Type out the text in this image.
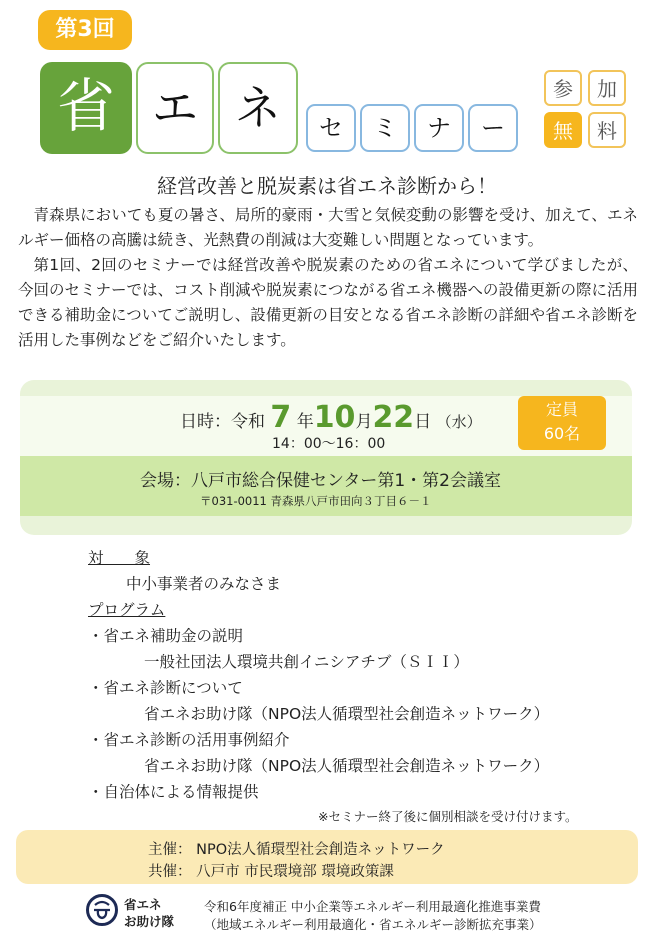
第3回
省 エ ネ	セ	ミ	ナ	ー
参	加
無	料
経営改善と脱炭素は省エネ診断から！

青森県においても夏の暑さ、局所的豪雨・大雪と気候変動の影響を受け、加えて、エネルギー価格の高騰は続き、光熱費の削減は大変難しい問題となっています。

第1回、2回のセミナーでは経営改善や脱炭素のための省エネについて学びましたが、今回のセミナーでは、コスト削減や脱炭素につながる省エネ機器への設備更新の際に活用できる補助金についてご説明し、設備更新の目安となる省エネ診断の詳細や省エネ診断を活用した事例などをご紹介いたします。

日時：令和 7 年10月22日 （水）
14：00～16：00
定員
60名
会場：八戸市総合保健センター第1・第2会議室
〒031-0011 青森県八戸市田向３丁目６－１
対　　象
中小事業者のみなさま
プログラム
・省エネ補助金の説明
一般社団法人環境共創イニシアチブ（ＳＩＩ）
・省エネ診断について
省エネお助け隊（NPO法人循環型社会創造ネットワーク）
・省エネ診断の活用事例紹介
省エネお助け隊（NPO法人循環型社会創造ネットワーク）
・自治体による情報提供
※セミナー終了後に個別相談を受け付けます。
主催： NPO法人循環型社会創造ネットワーク
共催： 八戸市 市民環境部 環境政策課
省エネ
お助け隊
令和6年度補正 中小企業等エネルギー利用最適化推進事業費
（地域エネルギー利用最適化・省エネルギー診断拡充事業）
